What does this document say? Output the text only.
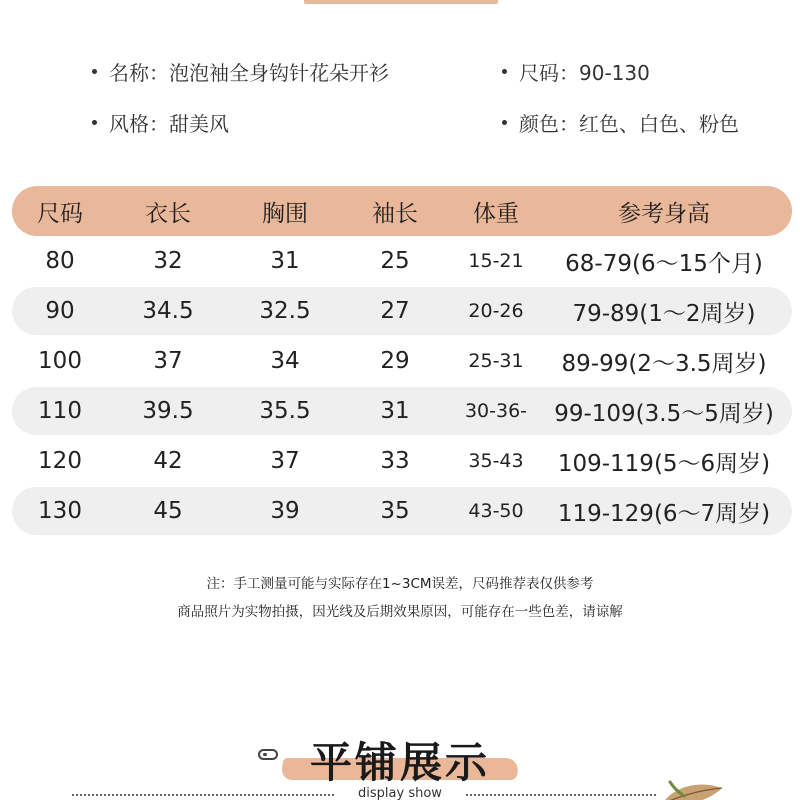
名称：泡泡袖全身钩针花朵开衫	尺码：90-130
风格：甜美风	颜色：红色、白色、粉色
尺码	衣长	胸围	袖长	体重	参考身高
80	32	31	25	15-21	68-79(6～15个月)
90	34.5	32.5	27	20-26	79-89(1～2周岁)
100	37	34	29	25-31	89-99(2～3.5周岁)
110	39.5	35.5	31	30-36-	99-109(3.5～5周岁)
120	42	37	33	35-43	109-119(5～6周岁)
130	45	39	35	43-50	119-129(6～7周岁)
注：手工测量可能与实际存在1~3CM误差，尺码推荐表仅供参考
商品照片为实物拍摄，因光线及后期效果原因，可能存在一些色差，请谅解
平铺展示
display show
